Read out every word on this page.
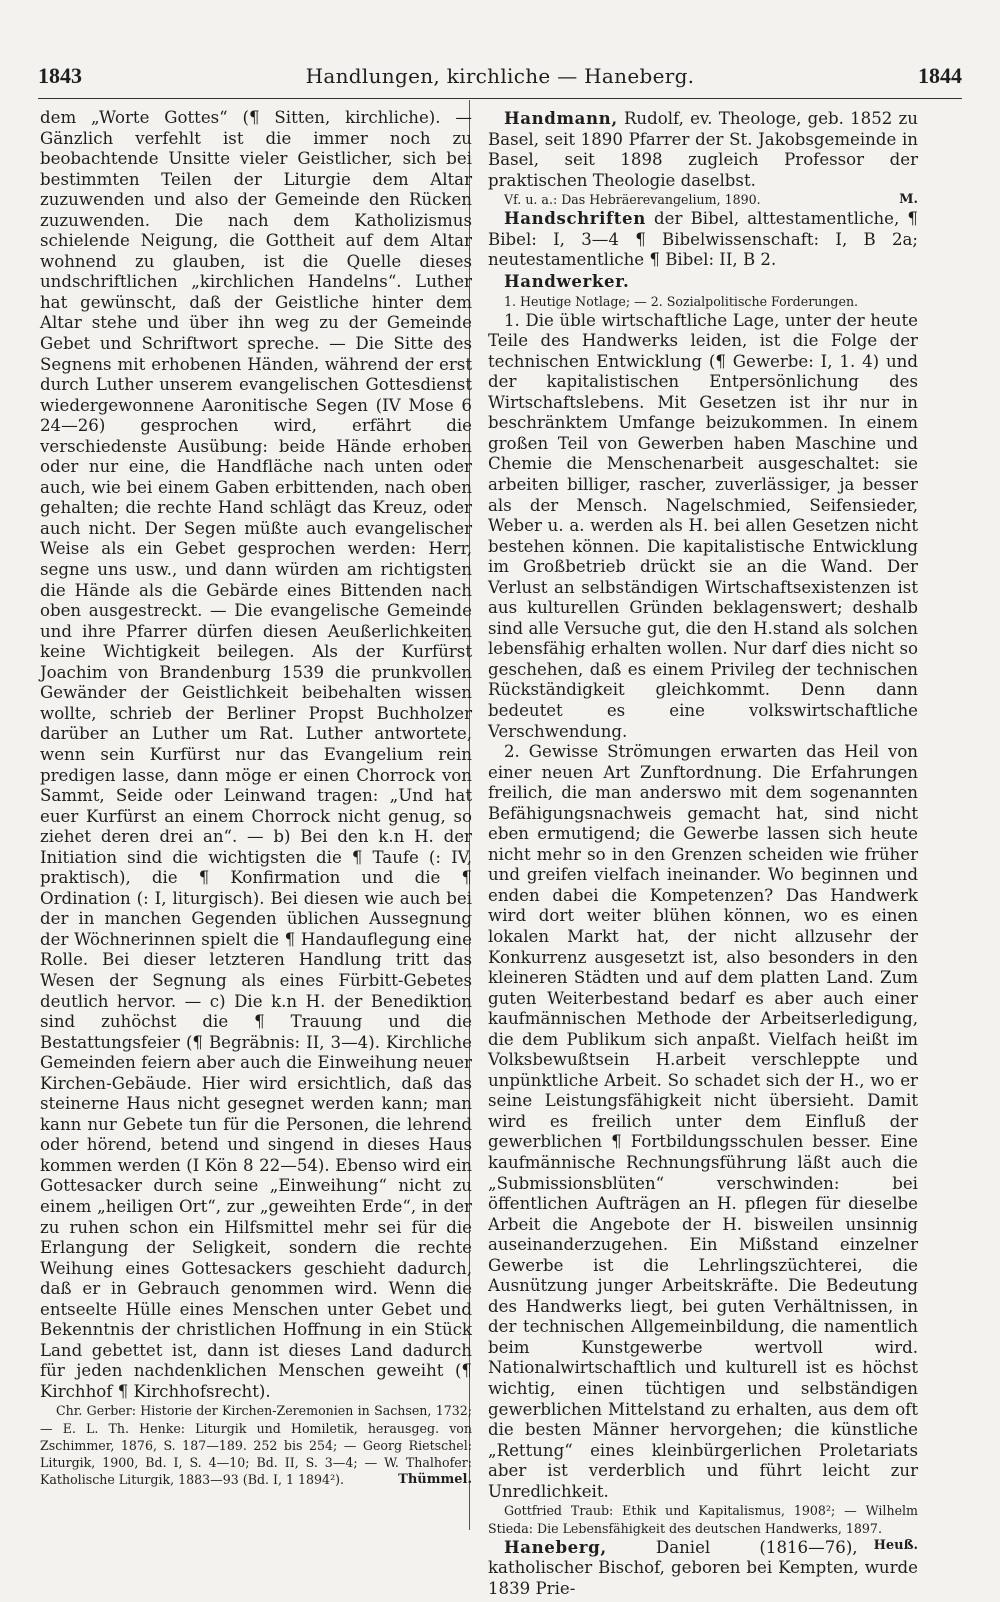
1843	Handlungen, kirchliche — Haneberg.	1844

dem „Worte Gottes“ (¶ Sitten, kirchliche). — Gänzlich verfehlt ist die immer noch zu beobachtende Unsitte vieler Geistlicher, sich bei bestimmten Teilen der Liturgie dem Altar zuzuwenden und also der Gemeinde den Rücken zuzuwenden. Die nach dem Katholizismus schielende Neigung, die Gottheit auf dem Altar wohnend zu glauben, ist die Quelle dieses undschriftlichen „kirchlichen Handelns“. Luther hat gewünscht, daß der Geistliche hinter dem Altar stehe und über ihn weg zu der Gemeinde Gebet und Schriftwort spreche. — Die Sitte des Segnens mit erhobenen Händen, während der erst durch Luther unserem evangelischen Gottesdienst wiedergewonnene Aaronitische Segen (IV Mose 6 24—26) gesprochen wird, erfährt die verschiedenste Ausübung: beide Hände erhoben oder nur eine, die Handfläche nach unten oder auch, wie bei einem Gaben erbittenden, nach oben gehalten; die rechte Hand schlägt das Kreuz, oder auch nicht. Der Segen müßte auch evangelischer Weise als ein Gebet gesprochen werden: Herr, segne uns usw., und dann würden am richtigsten die Hände als die Gebärde eines Bittenden nach oben ausgestreckt. — Die evangelische Gemeinde und ihre Pfarrer dürfen diesen Aeußerlichkeiten keine Wichtigkeit beilegen. Als der Kurfürst Joachim von Brandenburg 1539 die prunkvollen Gewänder der Geistlichkeit beibehalten wissen wollte, schrieb der Berliner Propst Buchholzer darüber an Luther um Rat. Luther antwortete, wenn sein Kurfürst nur das Evangelium rein predigen lasse, dann möge er einen Chorrock von Sammt, Seide oder Leinwand tragen: „Und hat euer Kurfürst an einem Chorrock nicht genug, so ziehet deren drei an“. — b) Bei den k.n H. der Initiation sind die wichtigsten die ¶ Taufe (: IV, praktisch), die ¶ Konfirmation und die ¶ Ordination (: I, liturgisch). Bei diesen wie auch bei der in manchen Gegenden üblichen Aussegnung der Wöchnerinnen spielt die ¶ Handauflegung eine Rolle. Bei dieser letzteren Handlung tritt das Wesen der Segnung als eines Fürbitt-Gebetes deutlich hervor. — c) Die k.n H. der Benediktion sind zuhöchst die ¶ Trauung und die Bestattungsfeier (¶ Begräbnis: II, 3—4). Kirchliche Gemeinden feiern aber auch die Einweihung neuer Kirchen-Gebäude. Hier wird ersichtlich, daß das steinerne Haus nicht gesegnet werden kann; man kann nur Gebete tun für die Personen, die lehrend oder hörend, betend und singend in dieses Haus kommen werden (I Kön 8 22—54). Ebenso wird ein Gottesacker durch seine „Einweihung“ nicht zu einem „heiligen Ort“, zur „geweihten Erde“, in der zu ruhen schon ein Hilfsmittel mehr sei für die Erlangung der Seligkeit, sondern die rechte Weihung eines Gottesackers geschieht dadurch, daß er in Gebrauch genommen wird. Wenn die entseelte Hülle eines Menschen unter Gebet und Bekenntnis der christlichen Hoffnung in ein Stück Land gebettet ist, dann ist dieses Land dadurch für jeden nachdenklichen Menschen geweiht (¶ Kirchhof ¶ Kirchhofsrecht).

Chr. Gerber: Historie der Kirchen-Zeremonien in Sachsen, 1732; — E. L. Th. Henke: Liturgik und Homiletik, herausgeg. von Zschimmer, 1876, S. 187—189. 252 bis 254; — Georg Rietschel: Liturgik, 1900, Bd. I, S. 4—10; Bd. II, S. 3—4; — W. Thalhofer: Katholische Liturgik, 1883—93 (Bd. I, 1 1894²).	Thümmel.

Handmann, Rudolf, ev. Theologe, geb. 1852 zu Basel, seit 1890 Pfarrer der St. Jakobsgemeinde in Basel, seit 1898 zugleich Professor der praktischen Theologie daselbst.

Vf. u. a.: Das Hebräerevangelium, 1890.	M.

Handschriften der Bibel, alttestamentliche, ¶ Bibel: I, 3—4 ¶ Bibelwissenschaft: I, B 2a; neutestamentliche ¶ Bibel: II, B 2.

Handwerker.

1. Heutige Notlage; — 2. Sozialpolitische Forderungen.

1. Die üble wirtschaftliche Lage, unter der heute Teile des Handwerks leiden, ist die Folge der technischen Entwicklung (¶ Gewerbe: I, 1. 4) und der kapitalistischen Entpersönlichung des Wirtschaftslebens. Mit Gesetzen ist ihr nur in beschränktem Umfange beizukommen. In einem großen Teil von Gewerben haben Maschine und Chemie die Menschenarbeit ausgeschaltet: sie arbeiten billiger, rascher, zuverlässiger, ja besser als der Mensch. Nagelschmied, Seifensieder, Weber u. a. werden als H. bei allen Gesetzen nicht bestehen können. Die kapitalistische Entwicklung im Großbetrieb drückt sie an die Wand. Der Verlust an selbständigen Wirtschaftsexistenzen ist aus kulturellen Gründen beklagenswert; deshalb sind alle Versuche gut, die den H.stand als solchen lebensfähig erhalten wollen. Nur darf dies nicht so geschehen, daß es einem Privileg der technischen Rückständigkeit gleichkommt. Denn dann bedeutet es eine volkswirtschaftliche Verschwendung.

2. Gewisse Strömungen erwarten das Heil von einer neuen Art Zunftordnung. Die Erfahrungen freilich, die man anderswo mit dem sogenannten Befähigungsnachweis gemacht hat, sind nicht eben ermutigend; die Gewerbe lassen sich heute nicht mehr so in den Grenzen scheiden wie früher und greifen vielfach ineinander. Wo beginnen und enden dabei die Kompetenzen? Das Handwerk wird dort weiter blühen können, wo es einen lokalen Markt hat, der nicht allzusehr der Konkurrenz ausgesetzt ist, also besonders in den kleineren Städten und auf dem platten Land. Zum guten Weiterbestand bedarf es aber auch einer kaufmännischen Methode der Arbeitserledigung, die dem Publikum sich anpaßt. Vielfach heißt im Volksbewußtsein H.arbeit verschleppte und unpünktliche Arbeit. So schadet sich der H., wo er seine Leistungsfähigkeit nicht übersieht. Damit wird es freilich unter dem Einfluß der gewerblichen ¶ Fortbildungsschulen besser. Eine kaufmännische Rechnungsführung läßt auch die „Submissionsblüten“ verschwinden: bei öffentlichen Aufträgen an H. pflegen für dieselbe Arbeit die Angebote der H. bisweilen unsinnig auseinanderzugehen. Ein Mißstand einzelner Gewerbe ist die Lehrlingszüchterei, die Ausnützung junger Arbeitskräfte. Die Bedeutung des Handwerks liegt, bei guten Verhältnissen, in der technischen Allgemeinbildung, die namentlich beim Kunstgewerbe wertvoll wird. Nationalwirtschaftlich und kulturell ist es höchst wichtig, einen tüchtigen und selbständigen gewerblichen Mittelstand zu erhalten, aus dem oft die besten Männer hervorgehen; die künstliche „Rettung“ eines kleinbürgerlichen Proletariats aber ist verderblich und führt leicht zur Unredlichkeit.

Gottfried Traub: Ethik und Kapitalismus, 1908²; — Wilhelm Stieda: Die Lebensfähigkeit des deutschen Handwerks, 1897.
Heuß.

Haneberg,	Daniel (1816—76), katholischer Bischof, geboren bei Kempten, wurde 1839 Prie-
